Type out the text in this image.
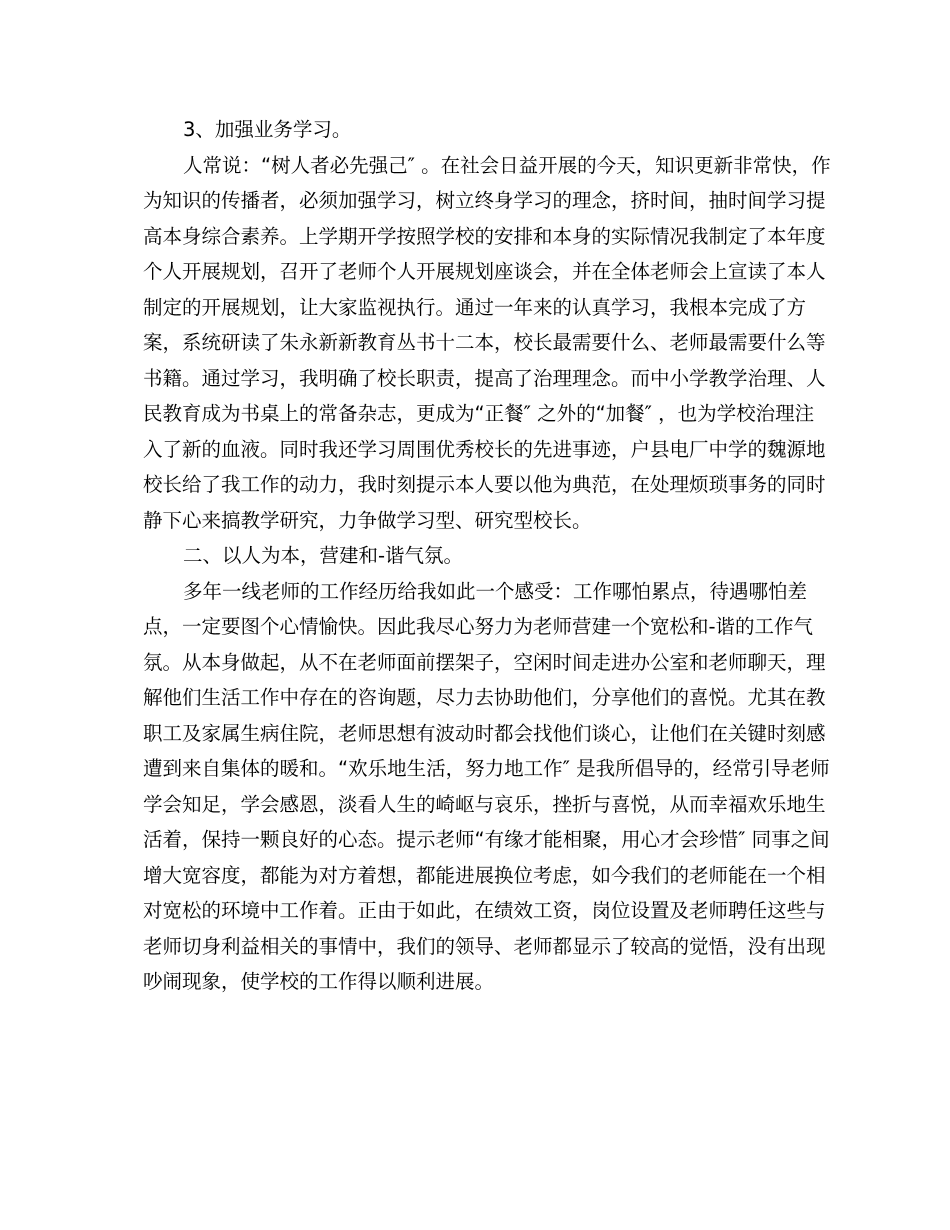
3、加强业务学习。

人常说：“树人者必先强己″ 。在社会日益开展的今天，知识更新非常快，作
为知识的传播者，必须加强学习，树立终身学习的理念，挤时间，抽时间学习提
高本身综合素养。上学期开学按照学校的安排和本身的实际情况我制定了本年度
个人开展规划，召开了老师个人开展规划座谈会，并在全体老师会上宣读了本人
制定的开展规划，让大家监视执行。通过一年来的认真学习，我根本完成了方
案，系统研读了朱永新新教育丛书十二本，校长最需要什么、老师最需要什么等
书籍。通过学习，我明确了校长职责，提高了治理理念。而中小学教学治理、人
民教育成为书桌上的常备杂志，更成为“正餐″ 之外的“加餐″ ，也为学校治理注
入了新的血液。同时我还学习周围优秀校长的先进事迹，户县电厂中学的魏源地
校长给了我工作的动力，我时刻提示本人要以他为典范，在处理烦琐事务的同时
静下心来搞教学研究，力争做学习型、研究型校长。

二、以人为本，营建和-谐气氛。

多年一线老师的工作经历给我如此一个感受：工作哪怕累点，待遇哪怕差
点，一定要图个心情愉快。因此我尽心努力为老师营建一个宽松和-谐的工作气
氛。从本身做起，从不在老师面前摆架子，空闲时间走进办公室和老师聊天，理
解他们生活工作中存在的咨询题，尽力去协助他们，分享他们的喜悦。尤其在教
职工及家属生病住院，老师思想有波动时都会找他们谈心，让他们在关键时刻感
遭到来自集体的暖和。“欢乐地生活，努力地工作″ 是我所倡导的，经常引导老师
学会知足，学会感恩，淡看人生的崎岖与哀乐，挫折与喜悦，从而幸福欢乐地生
活着，保持一颗良好的心态。提示老师“有缘才能相聚，用心才会珍惜″ 同事之间
增大宽容度，都能为对方着想，都能进展换位考虑，如今我们的老师能在一个相
对宽松的环境中工作着。正由于如此，在绩效工资，岗位设置及老师聘任这些与
老师切身利益相关的事情中，我们的领导、老师都显示了较高的觉悟，没有出现
吵闹现象，使学校的工作得以顺利进展。
